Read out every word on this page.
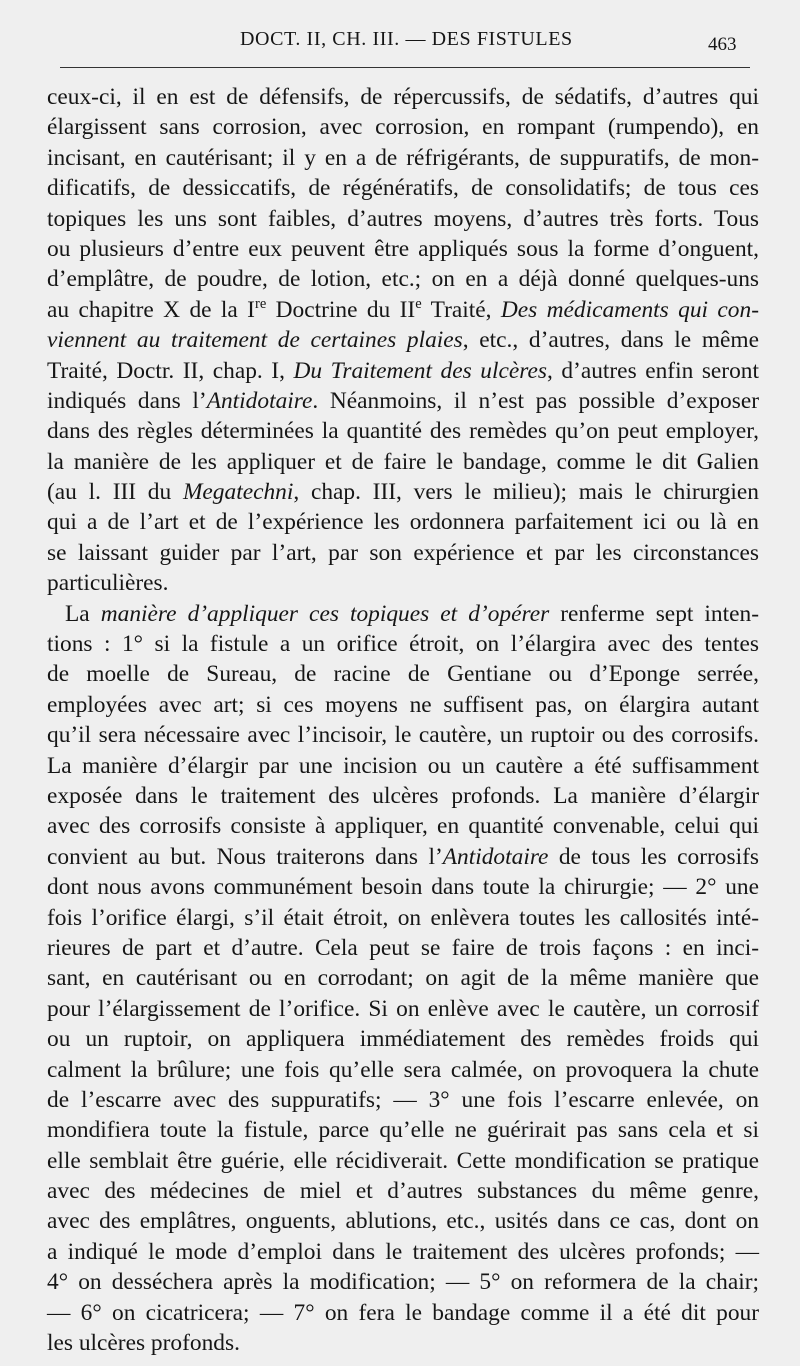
DOCT. II, CH. III. — DES FISTULES	463
ceux-ci, il en est de défensifs, de répercussifs, de sédatifs, d’autres qui
élargissent sans corrosion, avec corrosion, en rompant (rumpendo), en
incisant, en cautérisant; il y en a de réfrigérants, de suppuratifs, de mon-
dificatifs, de dessiccatifs, de régénératifs, de consolidatifs; de tous ces
topiques les uns sont faibles, d’autres moyens, d’autres très forts. Tous
ou plusieurs d’entre eux peuvent être appliqués sous la forme d’onguent,
d’emplâtre, de poudre, de lotion, etc.; on en a déjà donné quelques-uns
au chapitre X de la Ire Doctrine du IIe Traité, Des médicaments qui con-
viennent au traitement de certaines plaies, etc., d’autres, dans le même
Traité, Doctr. II, chap. I, Du Traitement des ulcères, d’autres enfin seront
indiqués dans l’Antidotaire. Néanmoins, il n’est pas possible d’exposer
dans des règles déterminées la quantité des remèdes qu’on peut employer,
la manière de les appliquer et de faire le bandage, comme le dit Galien
(au l. III du Megatechni, chap. III, vers le milieu); mais le chirurgien
qui a de l’art et de l’expérience les ordonnera parfaitement ici ou là en
se laissant guider par l’art, par son expérience et par les circonstances
particulières.
La manière d’appliquer ces topiques et d’opérer renferme sept inten-
tions : 1° si la fistule a un orifice étroit, on l’élargira avec des tentes
de moelle de Sureau, de racine de Gentiane ou d’Eponge serrée,
employées avec art; si ces moyens ne suffisent pas, on élargira autant
qu’il sera nécessaire avec l’incisoir, le cautère, un ruptoir ou des corrosifs.
La manière d’élargir par une incision ou un cautère a été suffisamment
exposée dans le traitement des ulcères profonds. La manière d’élargir
avec des corrosifs consiste à appliquer, en quantité convenable, celui qui
convient au but. Nous traiterons dans l’Antidotaire de tous les corrosifs
dont nous avons communément besoin dans toute la chirurgie; — 2° une
fois l’orifice élargi, s’il était étroit, on enlèvera toutes les callosités inté-
rieures de part et d’autre. Cela peut se faire de trois façons : en inci-
sant, en cautérisant ou en corrodant; on agit de la même manière que
pour l’élargissement de l’orifice. Si on enlève avec le cautère, un corrosif
ou un ruptoir, on appliquera immédiatement des remèdes froids qui
calment la brûlure; une fois qu’elle sera calmée, on provoquera la chute
de l’escarre avec des suppuratifs; — 3° une fois l’escarre enlevée, on
mondifiera toute la fistule, parce qu’elle ne guérirait pas sans cela et si
elle semblait être guérie, elle récidiverait. Cette mondification se pratique
avec des médecines de miel et d’autres substances du même genre,
avec des emplâtres, onguents, ablutions, etc., usités dans ce cas, dont on
a indiqué le mode d’emploi dans le traitement des ulcères profonds; —
4° on desséchera après la modification; — 5° on reformera de la chair;
— 6° on cicatricera; — 7° on fera le bandage comme il a été dit pour
les ulcères profonds.
